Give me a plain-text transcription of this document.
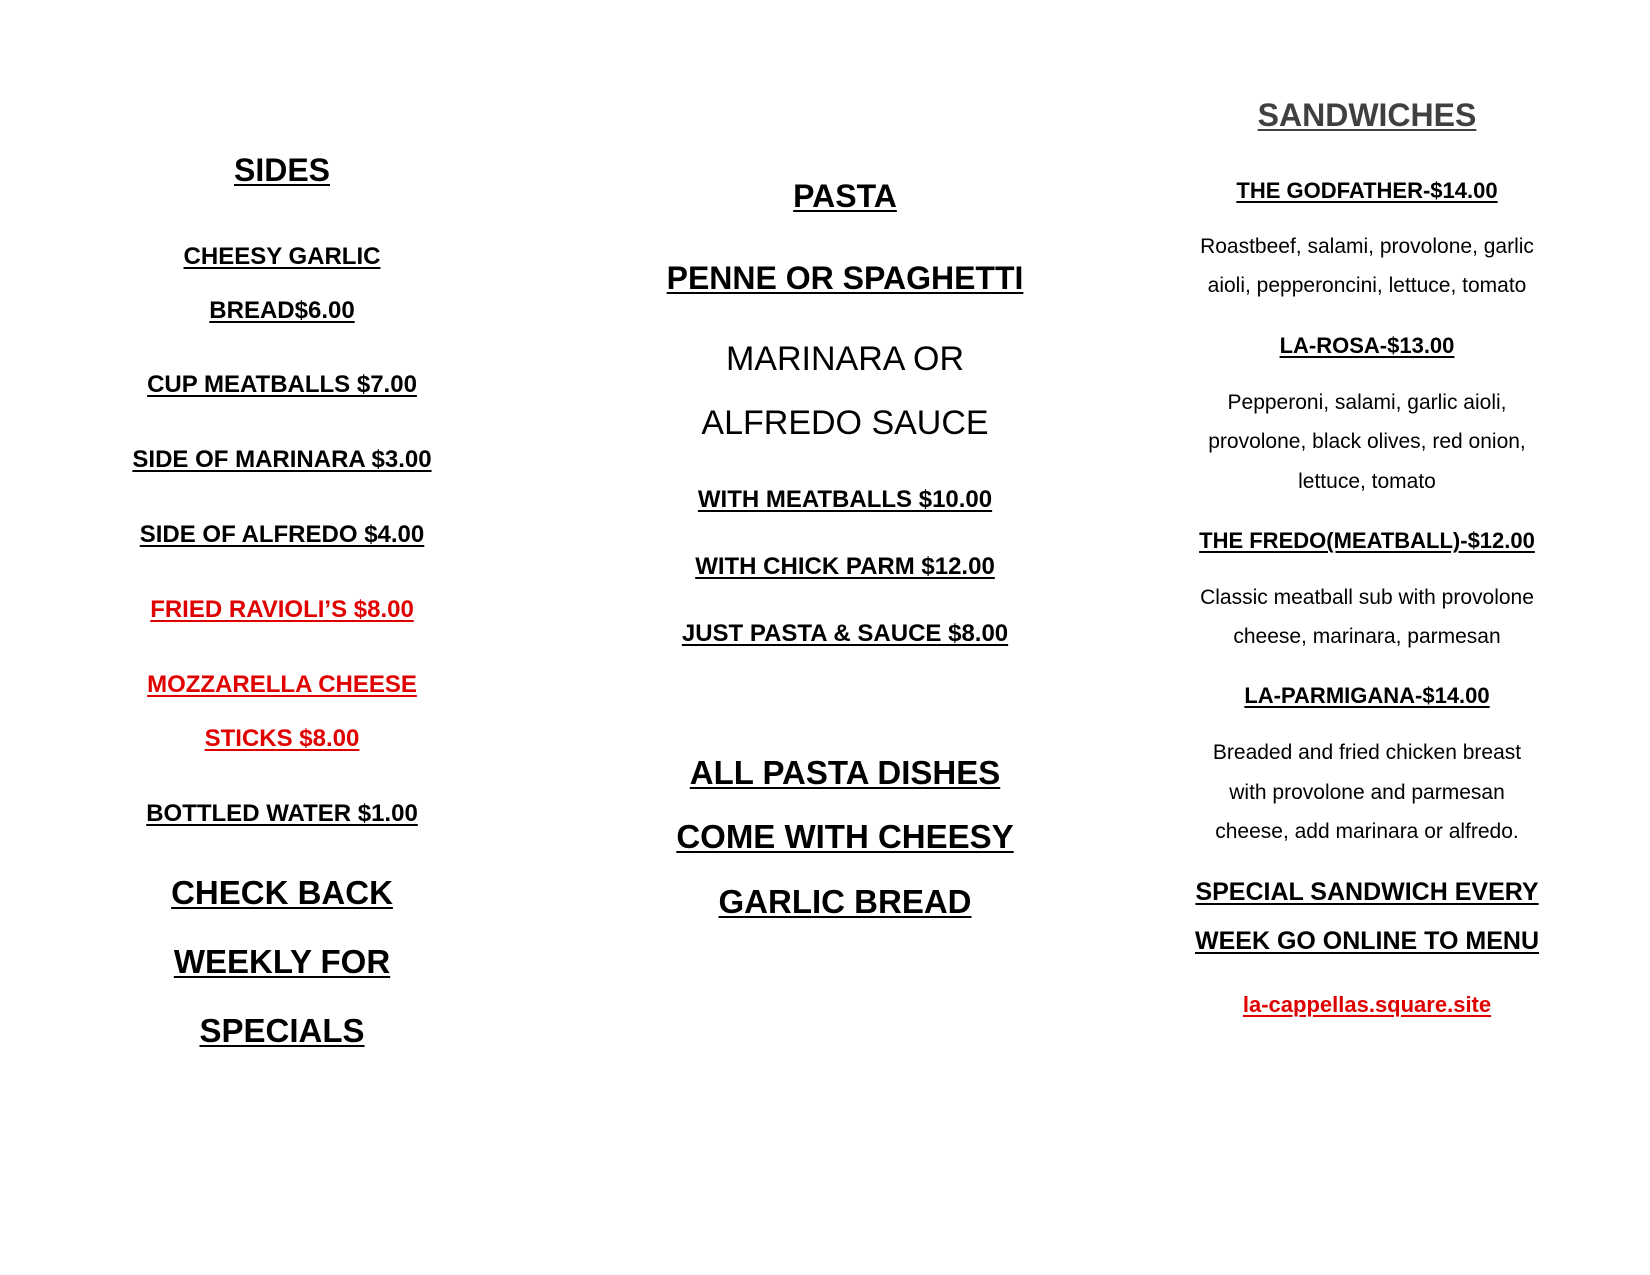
SIDES
CHEESY GARLIC
BREAD$6.00
CUP MEATBALLS $7.00
SIDE OF MARINARA $3.00
SIDE OF ALFREDO $4.00
FRIED RAVIOLI’S $8.00
MOZZARELLA CHEESE
STICKS $8.00
BOTTLED WATER $1.00
CHECK BACK
WEEKLY FOR
SPECIALS
PASTA
PENNE OR SPAGHETTI
MARINARA OR
ALFREDO SAUCE
WITH MEATBALLS $10.00
WITH CHICK PARM $12.00
JUST PASTA & SAUCE $8.00
ALL PASTA DISHES
COME WITH CHEESY
GARLIC BREAD
SANDWICHES
THE GODFATHER-$14.00
Roastbeef, salami, provolone, garlic
aioli, pepperoncini, lettuce, tomato
LA-ROSA-$13.00
Pepperoni, salami, garlic aioli,
provolone, black olives, red onion,
lettuce, tomato
THE FREDO(MEATBALL)-$12.00
Classic meatball sub with provolone
cheese, marinara, parmesan
LA-PARMIGANA-$14.00
Breaded and fried chicken breast
with provolone and parmesan
cheese, add marinara or alfredo.
SPECIAL SANDWICH EVERY
WEEK GO ONLINE TO MENU
la-cappellas.square.site
